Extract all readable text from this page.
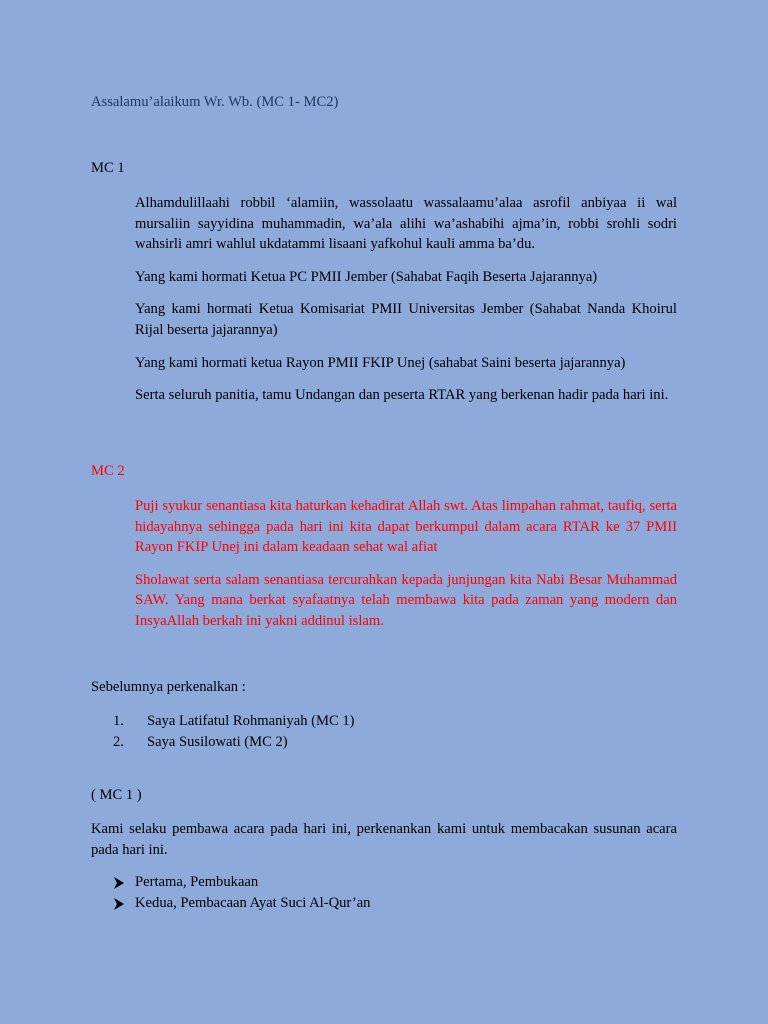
Assalamu’alaikum Wr. Wb. (MC 1- MC2)

MC 1

Alhamdulillaahi robbil ‘alamiin, wassolaatu wassalaamu’alaa asrofil anbiyaa ii wal mursaliin sayyidina muhammadin, wa’ala alihi wa’ashabihi ajma’in, robbi srohli sodri wahsirli amri wahlul ukdatammi lisaani yafkohul kauli amma ba’du.

Yang kami hormati Ketua PC PMII Jember (Sahabat Faqih Beserta Jajarannya)

Yang kami hormati Ketua Komisariat PMII Universitas Jember (Sahabat Nanda Khoirul Rijal beserta jajarannya)

Yang kami hormati ketua Rayon PMII FKIP Unej (sahabat Saini beserta jajarannya)

Serta seluruh panitia, tamu Undangan dan peserta RTAR yang berkenan hadir pada hari ini.

MC 2

Puji syukur senantiasa kita haturkan kehadirat Allah swt. Atas limpahan rahmat, taufiq, serta hidayahnya sehingga pada hari ini kita dapat berkumpul dalam acara RTAR ke 37 PMII Rayon FKIP Unej ini dalam keadaan sehat wal afiat

Sholawat serta salam senantiasa tercurahkan kepada junjungan kita Nabi Besar Muhammad SAW. Yang mana berkat syafaatnya telah membawa kita pada zaman yang modern dan InsyaAllah berkah ini yakni addinul islam.

Sebelumnya perkenalkan :

1.	Saya Latifatul Rohmaniyah (MC 1)
2.	Saya Susilowati (MC 2)

( MC 1 )

Kami selaku pembawa acara pada hari ini, perkenankan kami untuk membacakan susunan acara pada hari ini.

Pertama, Pembukaan
Kedua, Pembacaan Ayat Suci Al-Qur’an
